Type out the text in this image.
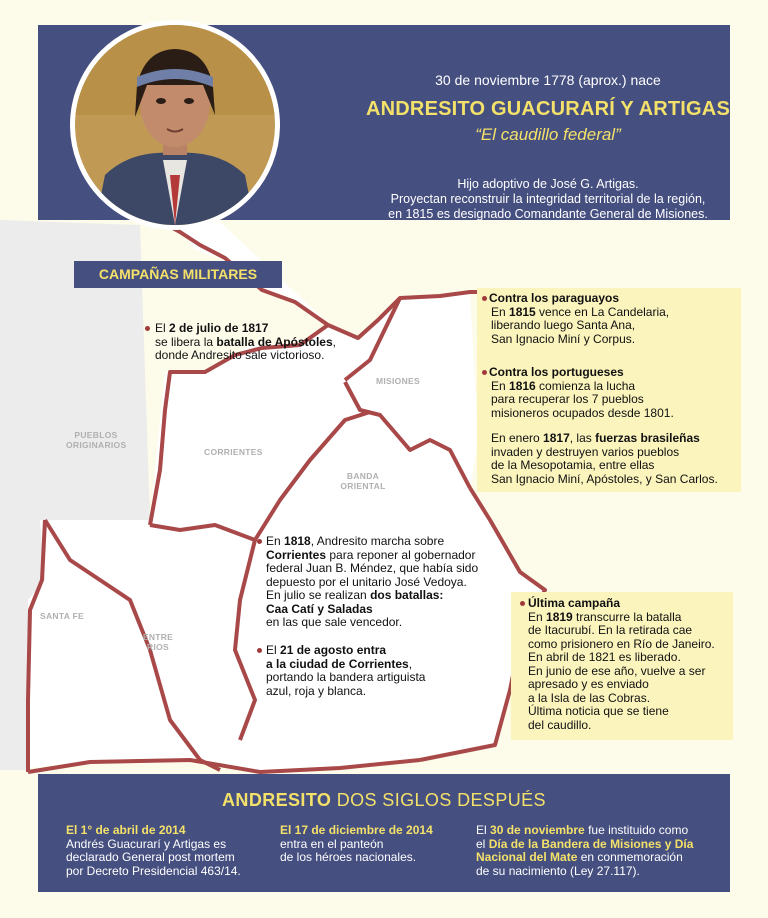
30 de noviembre 1778 (aprox.) nace
ANDRESITO GUACURARÍ Y ARTIGAS
“El caudillo federal”
Hijo adoptivo de José G. Artigas.
Proyectan reconstruir la integridad territorial de la región,
en 1815 es designado Comandante General de Misiones.
CAMPAÑAS MILITARES
MISIONES
PUEBLOS
ORIGINARIOS
CORRIENTES
BANDA
ORIENTAL
SANTA FE
ENTRE
RIOS

El 2 de julio de 1817

se libera la batalla de Apóstoles,

donde Andresito sale victorioso.

Contra los paraguayos

En 1815 vence en La Candelaria,

liberando luego Santa Ana,

San Ignacio Miní y Corpus.

Contra los portugueses

En 1816 comienza la lucha

para recuperar los 7 pueblos

misioneros ocupados desde 1801.

En enero 1817, las fuerzas brasileñas

invaden y destruyen varios pueblos

de la Mesopotamia, entre ellas

San Ignacio Miní, Apóstoles, y San Carlos.

En 1818, Andresito marcha sobre

Corrientes para reponer al gobernador

federal Juan B. Méndez, que había sido

depuesto por el unitario José Vedoya.

En julio se realizan dos batallas:

Caa Catí y Saladas

en las que sale vencedor.

El 21 de agosto entra

a la ciudad de Corrientes,

portando la bandera artiguista

azul, roja y blanca.

Última campaña

En 1819 transcurre la batalla

de Itacurubí. En la retirada cae

como prisionero en Río de Janeiro.

En abril de 1821 es liberado.

En junio de ese año, vuelve a ser

apresado y es enviado

a la Isla de las Cobras.

Última noticia que se tiene

del caudillo.

ANDRESITO DOS SIGLOS DESPUÉS
El 1° de abril de 2014
Andrés Guacurarí y Artigas es
declarado General post mortem
por Decreto Presidencial 463/14.
El 17 de diciembre de 2014
entra en el panteón
de los héroes nacionales.
El 30 de noviembre fue instituido como
el Día de la Bandera de Misiones y Día
Nacional del Mate en conmemoración
de su nacimiento (Ley 27.117).
